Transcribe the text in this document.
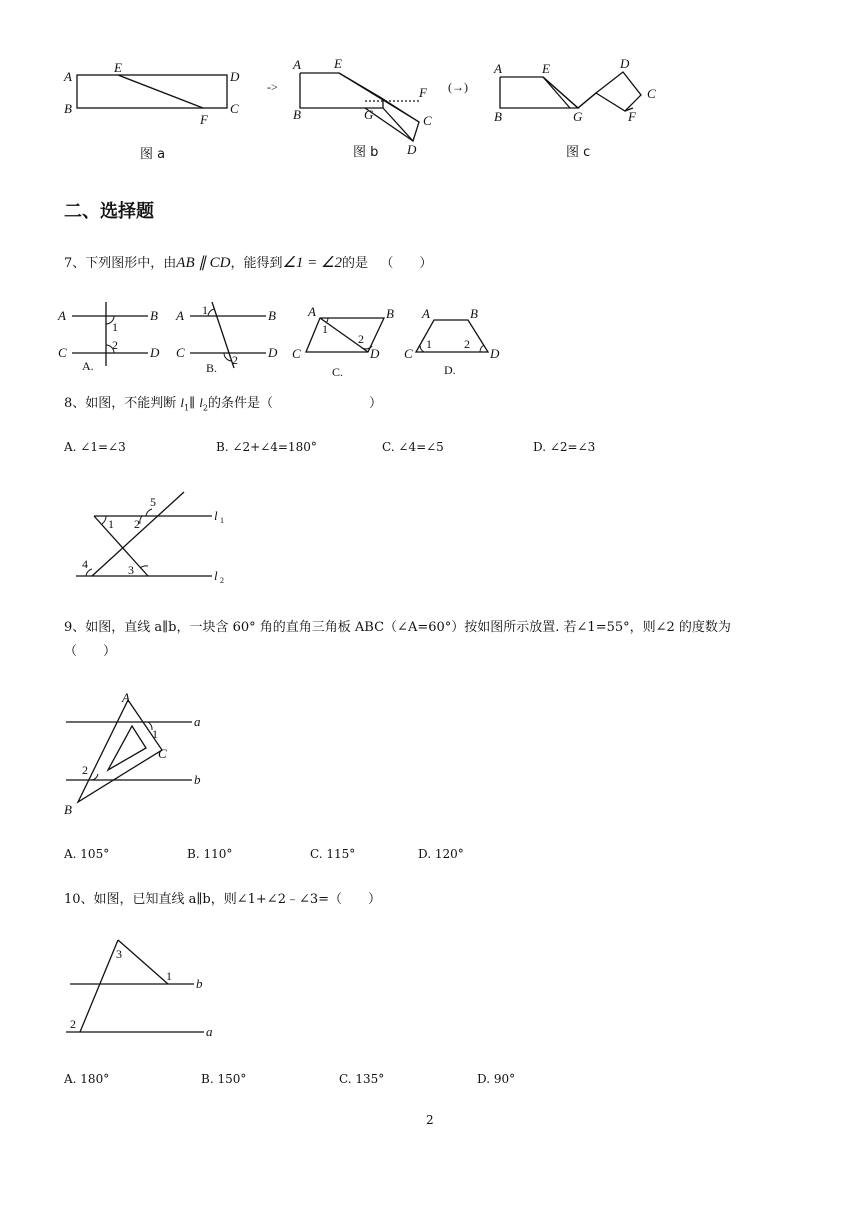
A
B
D
C
E
F
图 a
->
A
B
E
F
G	C
D
图 b
(→)
A
B
E
G	F
D
C
图 c
二、选择题
7、下列图形中，由AB ∥ CD，能得到∠1 = ∠2的是 （　　）
A	B
C	D
1
2
A.
A	B
C	D
1
2
B.
A	B
C	D
1
2
C.
A	B
C	D
1	2
D.
8、如图，不能判断 $l_1\parallel$ $l_2$的条件是（	）
A. ∠1=∠3	B. ∠2+∠4=180°	C. ∠4=∠5	D. ∠2=∠3
1 2
3
4
5
l 1
l 2
9、如图，直线 a∥b，一块含 60° 角的直角三角板 ABC（∠A=60°）按如图所示放置. 若∠1=55°，则∠2 的度数为
（　　）
A
B
C
1
2
a
b
A. 105°	B. 110°	C. 115°	D. 120°
10、如图，已知直线 a∥b，则∠1+∠2﹣∠3=（　　）
3
1
2
b
a
A. 180°	B. 150°	C. 135°	D. 90°
2
